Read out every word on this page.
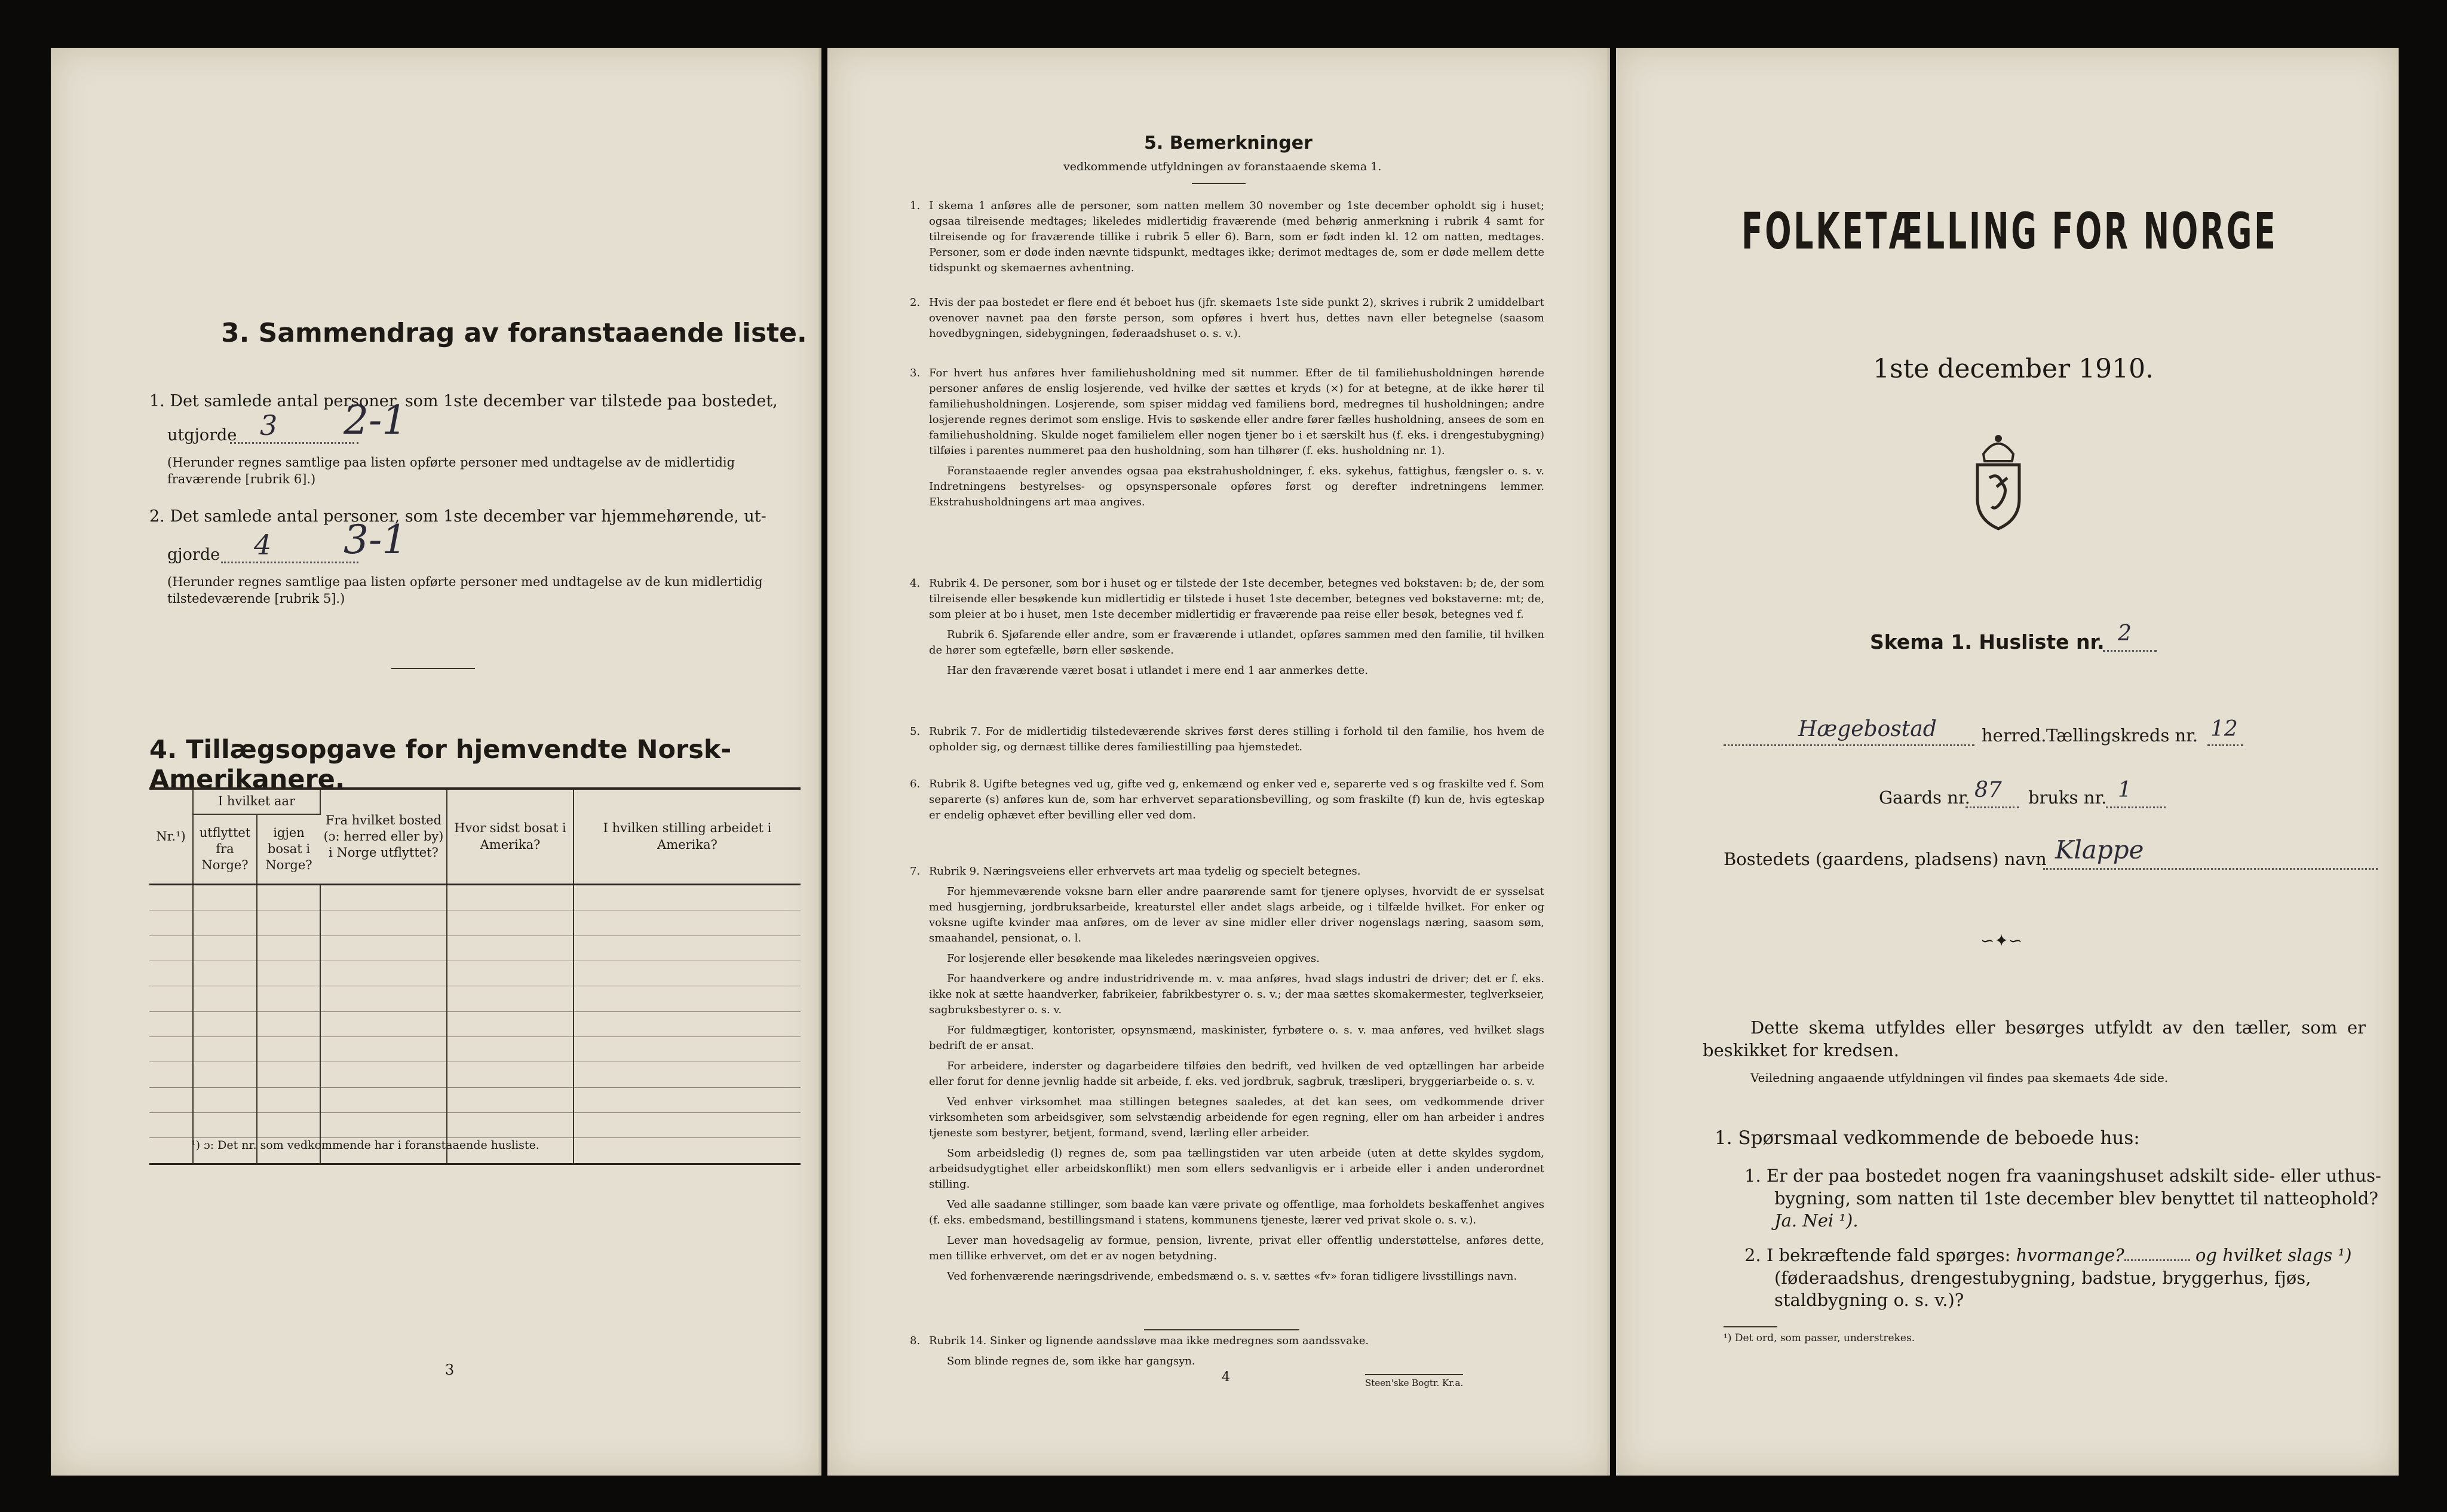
3. Sammendrag av foranstaaende liste.
1. Det samlede antal personer, som 1ste december var tilstede paa bostedet,
utgjorde 3 2-1
(Herunder regnes samtlige paa listen opførte personer med undtagelse av de midlertidig fraværende [rubrik 6].)
2. Det samlede antal personer, som 1ste december var hjemmehørende, ut-
gjorde 4 3-1
(Herunder regnes samtlige paa listen opførte personer med undtagelse av de kun midlertidig tilstedeværende [rubrik 5].)
4. Tillægsopgave for hjemvendte Norsk-Amerikanere.
Nr.¹)	I hvilket aar		Fra hvilket bosted (ɔ: herred eller by) i Norge utflyttet?	Hvor sidst bosat i Amerika?	I hvilken stilling arbeidet i Amerika?
	utflyttet fra Norge?	igjen bosat i Norge?			

¹) ɔ: Det nr. som vedkommende har i foranstaaende husliste.
3
5. Bemerkninger
vedkommende utfyldningen av foranstaaende skema 1.
1. I skema 1 anføres alle de personer, som natten mellem 30 november og 1ste december opholdt sig i huset; ogsaa tilreisende medtages; likeledes midlertidig fraværende (med behørig anmerkning i rubrik 4 samt for tilreisende og for fraværende tillike i rubrik 5 eller 6). Barn, som er født inden kl. 12 om natten, medtages. Personer, som er døde inden nævnte tidspunkt, medtages ikke; derimot medtages de, som er døde mellem dette tidspunkt og skemaernes avhentning.

2. Hvis der paa bostedet er flere end ét beboet hus (jfr. skemaets 1ste side punkt 2), skrives i rubrik 2 umiddelbart ovenover navnet paa den første person, som opføres i hvert hus, dettes navn eller betegnelse (saasom hovedbygningen, sidebygningen, føderaadshuset o. s. v.).

3. For hvert hus anføres hver familiehusholdning med sit nummer. Efter de til familiehusholdningen hørende personer anføres de enslig losjerende, ved hvilke der sættes et kryds (×) for at betegne, at de ikke hører til familiehusholdningen. Losjerende, som spiser middag ved familiens bord, medregnes til husholdningen; andre losjerende regnes derimot som enslige. Hvis to søskende eller andre fører fælles husholdning, ansees de som en familiehusholdning. Skulde noget familielem eller nogen tjener bo i et særskilt hus (f. eks. i drengestubygning) tilføies i parentes nummeret paa den husholdning, som han tilhører (f. eks. husholdning nr. 1).

Foranstaaende regler anvendes ogsaa paa ekstrahusholdninger, f. eks. sykehus, fattighus, fængsler o. s. v. Indretningens bestyrelses- og opsynspersonale opføres først og derefter indretningens lemmer. Ekstrahusholdningens art maa angives.

4. Rubrik 4. De personer, som bor i huset og er tilstede der 1ste december, betegnes ved bokstaven: b; de, der som tilreisende eller besøkende kun midlertidig er tilstede i huset 1ste december, betegnes ved bokstaverne: mt; de, som pleier at bo i huset, men 1ste december midlertidig er fraværende paa reise eller besøk, betegnes ved f.

Rubrik 6. Sjøfarende eller andre, som er fraværende i utlandet, opføres sammen med den familie, til hvilken de hører som egtefælle, børn eller søskende.

Har den fraværende været bosat i utlandet i mere end 1 aar anmerkes dette.

5. Rubrik 7. For de midlertidig tilstedeværende skrives først deres stilling i forhold til den familie, hos hvem de opholder sig, og dernæst tillike deres familiestilling paa hjemstedet.

6. Rubrik 8. Ugifte betegnes ved ug, gifte ved g, enkemænd og enker ved e, separerte ved s og fraskilte ved f. Som separerte (s) anføres kun de, som har erhvervet separationsbevilling, og som fraskilte (f) kun de, hvis egteskap er endelig ophævet efter bevilling eller ved dom.

7. Rubrik 9. Næringsveiens eller erhvervets art maa tydelig og specielt betegnes.

For hjemmeværende voksne barn eller andre paarørende samt for tjenere oplyses, hvorvidt de er sysselsat med husgjerning, jordbruksarbeide, kreaturstel eller andet slags arbeide, og i tilfælde hvilket. For enker og voksne ugifte kvinder maa anføres, om de lever av sine midler eller driver nogenslags næring, saasom søm, smaahandel, pensionat, o. l.

For losjerende eller besøkende maa likeledes næringsveien opgives.

For haandverkere og andre industridrivende m. v. maa anføres, hvad slags industri de driver; det er f. eks. ikke nok at sætte haandverker, fabrikeier, fabrikbestyrer o. s. v.; der maa sættes skomakermester, teglverkseier, sagbruksbestyrer o. s. v.

For fuldmægtiger, kontorister, opsynsmænd, maskinister, fyrbøtere o. s. v. maa anføres, ved hvilket slags bedrift de er ansat.

For arbeidere, inderster og dagarbeidere tilføies den bedrift, ved hvilken de ved optællingen har arbeide eller forut for denne jevnlig hadde sit arbeide, f. eks. ved jordbruk, sagbruk, træsliperi, bryggeriarbeide o. s. v.

Ved enhver virksomhet maa stillingen betegnes saaledes, at det kan sees, om vedkommende driver virksomheten som arbeidsgiver, som selvstændig arbeidende for egen regning, eller om han arbeider i andres tjeneste som bestyrer, betjent, formand, svend, lærling eller arbeider.

Som arbeidsledig (l) regnes de, som paa tællingstiden var uten arbeide (uten at dette skyldes sygdom, arbeidsudygtighet eller arbeidskonflikt) men som ellers sedvanligvis er i arbeide eller i anden underordnet stilling.

Ved alle saadanne stillinger, som baade kan være private og offentlige, maa forholdets beskaffenhet angives (f. eks. embedsmand, bestillingsmand i statens, kommunens tjeneste, lærer ved privat skole o. s. v.).

Lever man hovedsagelig av formue, pension, livrente, privat eller offentlig understøttelse, anføres dette, men tillike erhvervet, om det er av nogen betydning.

Ved forhenværende næringsdrivende, embedsmænd o. s. v. sættes «fv» foran tidligere livsstillings navn.

8. Rubrik 14. Sinker og lignende aandssløve maa ikke medregnes som aandssvake.

Som blinde regnes de, som ikke har gangsyn.

4	Steen'ske Bogtr. Kr.a.
FOLKETÆLLING FOR NORGE
1ste december 1910.
Skema 1. Husliste nr. 2
Hægebostad	herred. Tællingskreds nr. 12
Gaards nr. 87 bruks nr. 1
Bostedets (gaardens, pladsens) navn Klappe
∽✦∽
Dette skema utfyldes eller besørges utfyldt av den tæller, som er beskikket for kredsen.
Veiledning angaaende utfyldningen vil findes paa skemaets 4de side.
1. Spørsmaal vedkommende de beboede hus:
1. Er der paa bostedet nogen fra vaaningshuset adskilt side- eller uthus-bygning, som natten til 1ste december blev benyttet til natteophold? Ja. Nei ¹).
2. I bekræftende fald spørges: hvormange?	og hvilket slags ¹) (føderaadshus, drengestubygning, badstue, bryggerhus, fjøs, staldbygning o. s. v.)?
¹) Det ord, som passer, understrekes.
